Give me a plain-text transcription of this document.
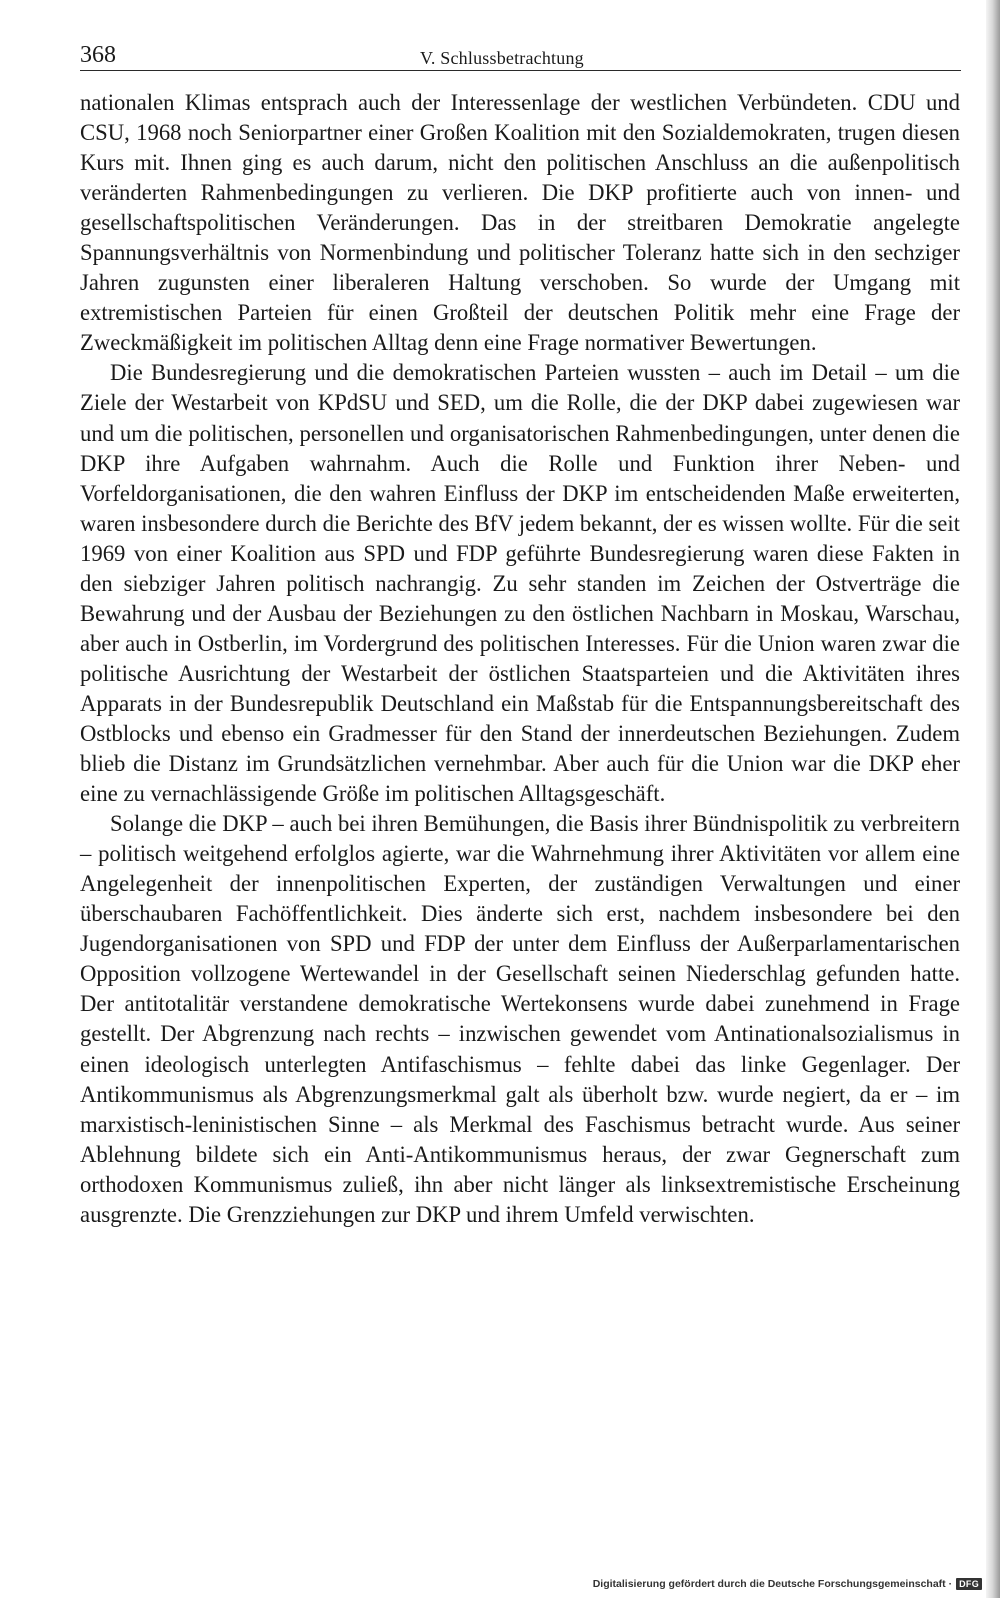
368	V. Schlussbetrachtung

nationalen Klimas entsprach auch der Interessenlage der westlichen Verbündeten. CDU und CSU, 1968 noch Seniorpartner einer Großen Koalition mit den Sozialdemokraten, trugen diesen Kurs mit. Ihnen ging es auch darum, nicht den politischen Anschluss an die außenpolitisch veränderten Rahmenbedingungen zu verlieren. Die DKP profitierte auch von innen- und gesellschaftspolitischen Veränderungen. Das in der streitbaren Demokratie angelegte Spannungsverhältnis von Normenbindung und politischer Toleranz hatte sich in den sechziger Jahren zugunsten einer liberaleren Haltung verschoben. So wurde der Umgang mit extremistischen Parteien für einen Großteil der deutschen Politik mehr eine Frage der Zweckmäßigkeit im politischen Alltag denn eine Frage normativer Bewertungen.

Die Bundesregierung und die demokratischen Parteien wussten – auch im Detail – um die Ziele der Westarbeit von KPdSU und SED, um die Rolle, die der DKP dabei zugewiesen war und um die politischen, personellen und organisatorischen Rahmenbedingungen, unter denen die DKP ihre Aufgaben wahrnahm. Auch die Rolle und Funktion ihrer Neben- und Vorfeldorganisationen, die den wahren Einfluss der DKP im entscheidenden Maße erweiterten, waren insbesondere durch die Berichte des BfV jedem bekannt, der es wissen wollte. Für die seit 1969 von einer Koalition aus SPD und FDP geführte Bundesregierung waren diese Fakten in den siebziger Jahren politisch nachrangig. Zu sehr standen im Zeichen der Ostverträge die Bewahrung und der Ausbau der Beziehungen zu den östlichen Nachbarn in Moskau, Warschau, aber auch in Ostberlin, im Vordergrund des politischen Interesses. Für die Union waren zwar die politische Ausrichtung der Westarbeit der östlichen Staatsparteien und die Aktivitäten ihres Apparats in der Bundesrepublik Deutschland ein Maßstab für die Entspannungsbereitschaft des Ostblocks und ebenso ein Gradmesser für den Stand der innerdeutschen Beziehungen. Zudem blieb die Distanz im Grundsätzlichen vernehmbar. Aber auch für die Union war die DKP eher eine zu vernachlässigende Größe im politischen Alltagsgeschäft.

Solange die DKP – auch bei ihren Bemühungen, die Basis ihrer Bündnispolitik zu verbreitern – politisch weitgehend erfolglos agierte, war die Wahrnehmung ihrer Aktivitäten vor allem eine Angelegenheit der innenpolitischen Experten, der zuständigen Verwaltungen und einer überschaubaren Fachöffentlichkeit. Dies änderte sich erst, nachdem insbesondere bei den Jugendorganisationen von SPD und FDP der unter dem Einfluss der Außerparlamentarischen Opposition vollzogene Wertewandel in der Gesellschaft seinen Niederschlag gefunden hatte. Der antitotalitär verstandene demokratische Wertekonsens wurde dabei zunehmend in Frage gestellt. Der Abgrenzung nach rechts – inzwischen gewendet vom Antinationalsozialismus in einen ideologisch unterlegten Antifaschismus – fehlte dabei das linke Gegenlager. Der Antikommunismus als Abgrenzungsmerkmal galt als überholt bzw. wurde negiert, da er – im marxistisch-leninistischen Sinne – als Merkmal des Faschismus betracht wurde. Aus seiner Ablehnung bildete sich ein Anti-Antikommunismus heraus, der zwar Gegnerschaft zum orthodoxen Kommunismus zuließ, ihn aber nicht länger als linksextremistische Erscheinung ausgrenzte. Die Grenzziehungen zur DKP und ihrem Umfeld verwischten.

Digitalisierung gefördert durch die Deutsche Forschungsgemeinschaft · DFG
